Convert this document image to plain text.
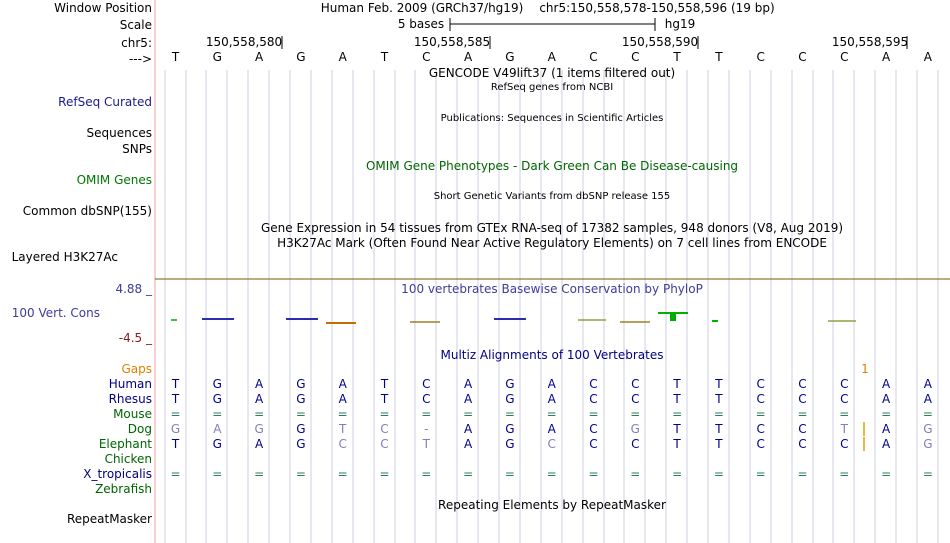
Window Position
Scale
chr5:
--->
RefSeq Curated
Sequences
SNPs
OMIM Genes
Common dbSNP(155)
Layered H3K27Ac
4.88 _
100 Vert. Cons
-4.5 _
Gaps
RepeatMasker
Human Feb. 2009 (GRCh37/hg19) chr5:150,558,578-150,558,596 (19 bp)
5 bases	hg19
150,558,580	150,558,585	150,558,590	150,558,595
T	G	A	G	A	T	C	A	G	A	C	C	T	T	C	C	C	A	A
GENCODE V49lift37 (1 items filtered out)
RefSeq genes from NCBI
Publications: Sequences in Scientific Articles
OMIM Gene Phenotypes - Dark Green Can Be Disease-causing
Short Genetic Variants from dbSNP release 155
Gene Expression in 54 tissues from GTEx RNA-seq of 17382 samples, 948 donors (V8, Aug 2019)
H3K27Ac Mark (Often Found Near Active Regulatory Elements) on 7 cell lines from ENCODE
100 vertebrates Basewise Conservation by PhyloP
Multiz Alignments of 100 Vertebrates
1
Repeating Elements by RepeatMasker
Human T	G	A	G	A	T	C	A	G	A	C	C	T	T	C	C	C	A	A
Rhesus T	G	A	G	A	T	C	A	G	A	C	C	T	T	C	C	C	A	A
Mouse =	=	=	=	=	=	=	=	=	=	=	=	=	=	=	=	=	=	=
Dog G	A	G	G	T	C	-	A	G	A	C	G	T	T	C	C	T	A	G
Elephant T	G	A	G	C	C	T	A	G	C	C	C	T	T	C	C	C	A	G
Chicken
X_tropicalis =	=	=	=	=	=	=	=	=	=	=	=	=	=	=	=	=	=	=
Zebrafish
